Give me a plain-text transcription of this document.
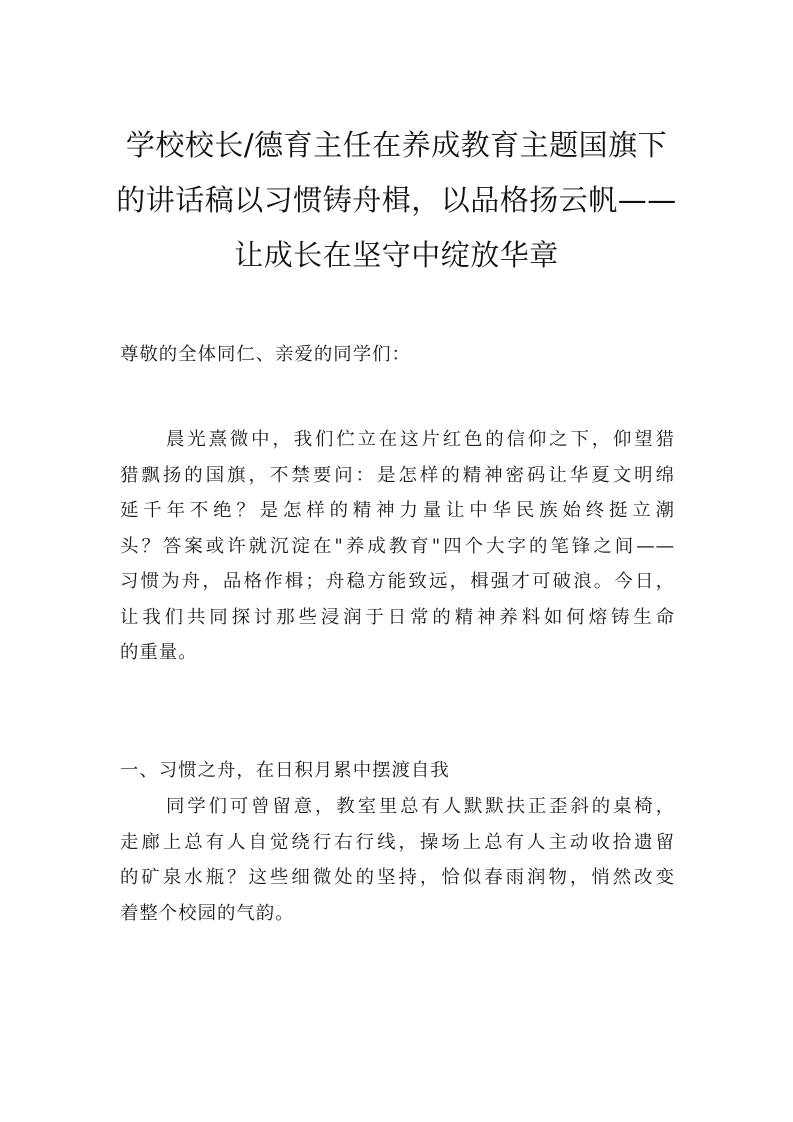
学校校长/德育主任在养成教育主题国旗下
的讲话稿以习惯铸舟楫，以品格扬云帆——
让成长在坚守中绽放华章
尊敬的全体同仁、亲爱的同学们：
晨光熹微中，我们伫立在这片红色的信仰之下，仰望猎
猎飘扬的国旗，不禁要问：是怎样的精神密码让华夏文明绵
延千年不绝？是怎样的精神力量让中华民族始终挺立潮
头？答案或许就沉淀在"养成教育"四个大字的笔锋之间——
习惯为舟，品格作楫；舟稳方能致远，楫强才可破浪。今日，
让我们共同探讨那些浸润于日常的精神养料如何熔铸生命
的重量。
一、习惯之舟，在日积月累中摆渡自我
同学们可曾留意，教室里总有人默默扶正歪斜的桌椅，
走廊上总有人自觉绕行右行线，操场上总有人主动收拾遗留
的矿泉水瓶？这些细微处的坚持，恰似春雨润物，悄然改变
着整个校园的气韵。
